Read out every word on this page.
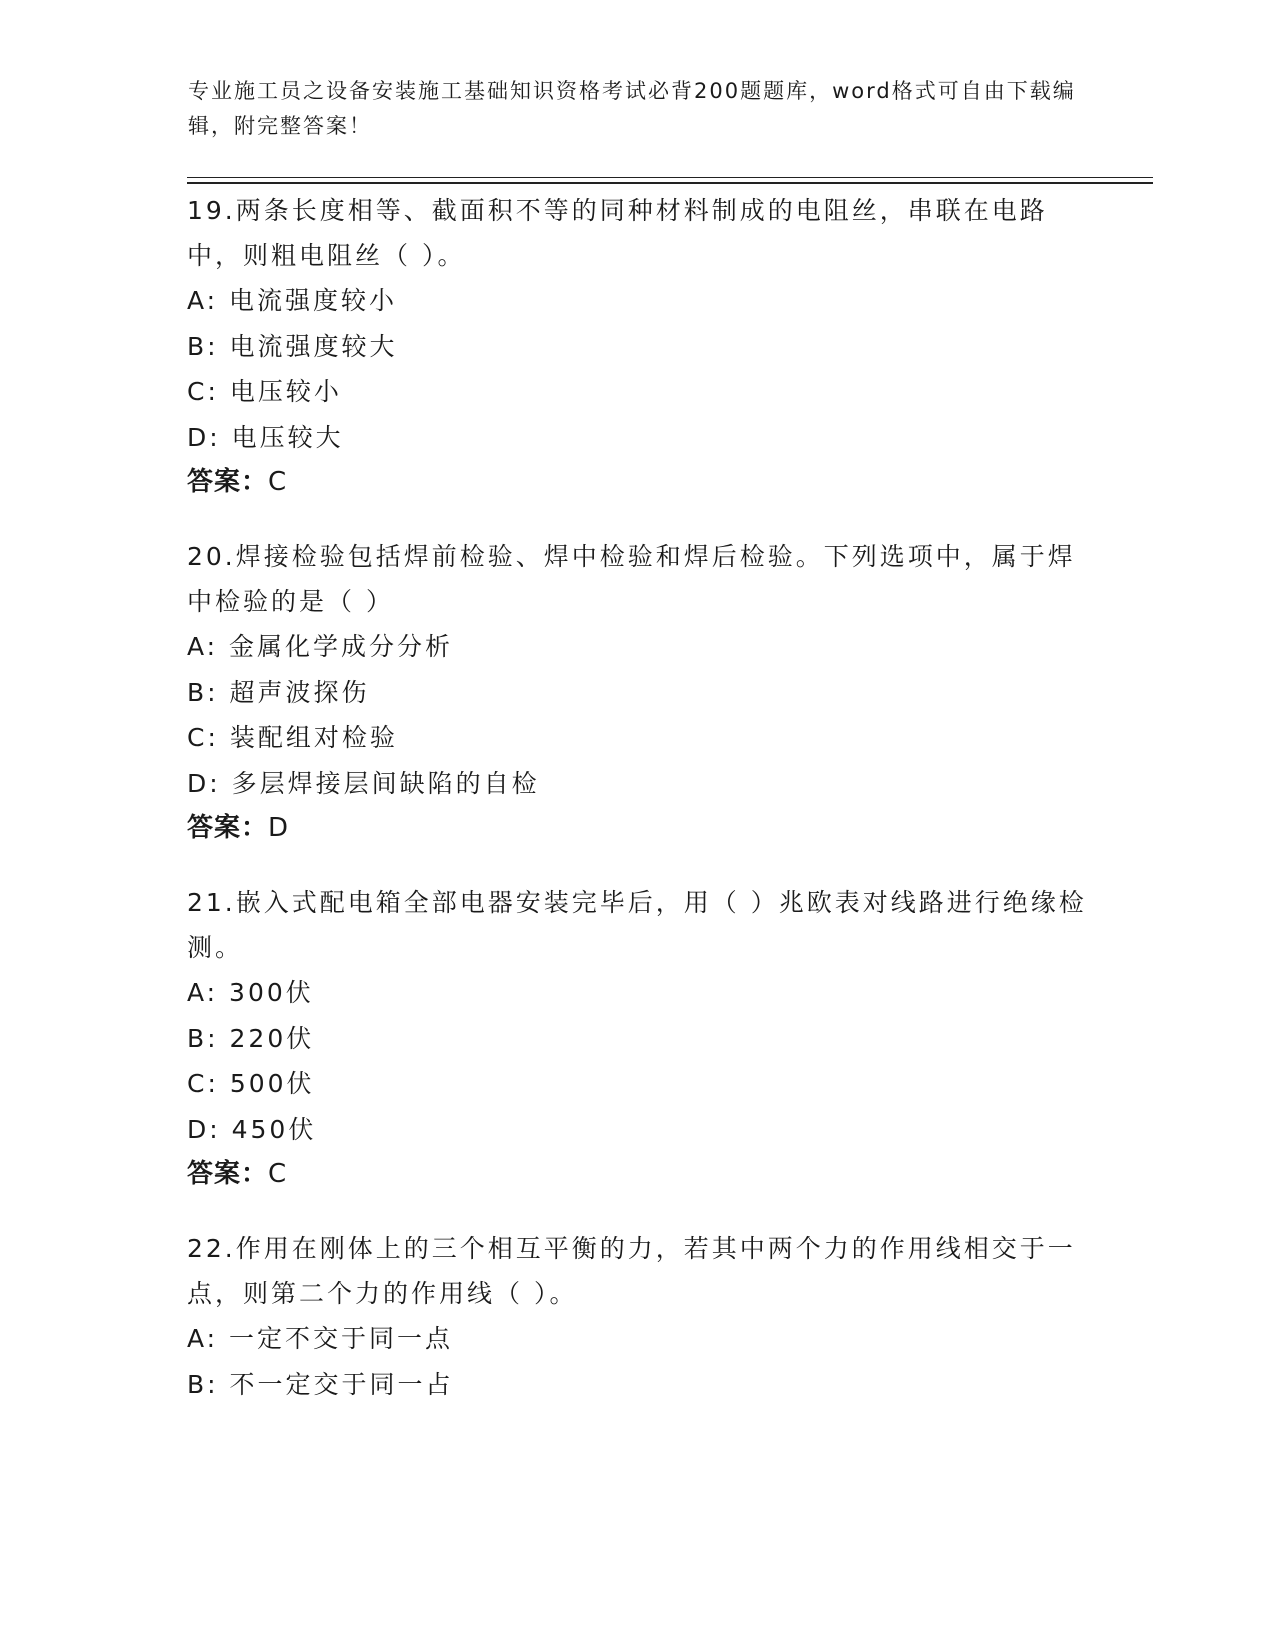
专业施工员之设备安装施工基础知识资格考试必背200题题库，word格式可自由下载编辑，附完整答案！

19.两条长度相等、截面积不等的同种材料制成的电阻丝，串联在电路中，则粗电阻丝（ ）。

A: 电流强度较小

B: 电流强度较大

C: 电压较小

D: 电压较大

答案：C

20.焊接检验包括焊前检验、焊中检验和焊后检验。下列选项中，属于焊中检验的是（ ）

A: 金属化学成分分析

B: 超声波探伤

C: 装配组对检验

D: 多层焊接层间缺陷的自检

答案：D

21.嵌入式配电箱全部电器安装完毕后，用（ ）兆欧表对线路进行绝缘检测。

A: 300伏

B: 220伏

C: 500伏

D: 450伏

答案：C

22.作用在刚体上的三个相互平衡的力，若其中两个力的作用线相交于一点，则第二个力的作用线（ ）。

A: 一定不交于同一点

B: 不一定交于同一占
